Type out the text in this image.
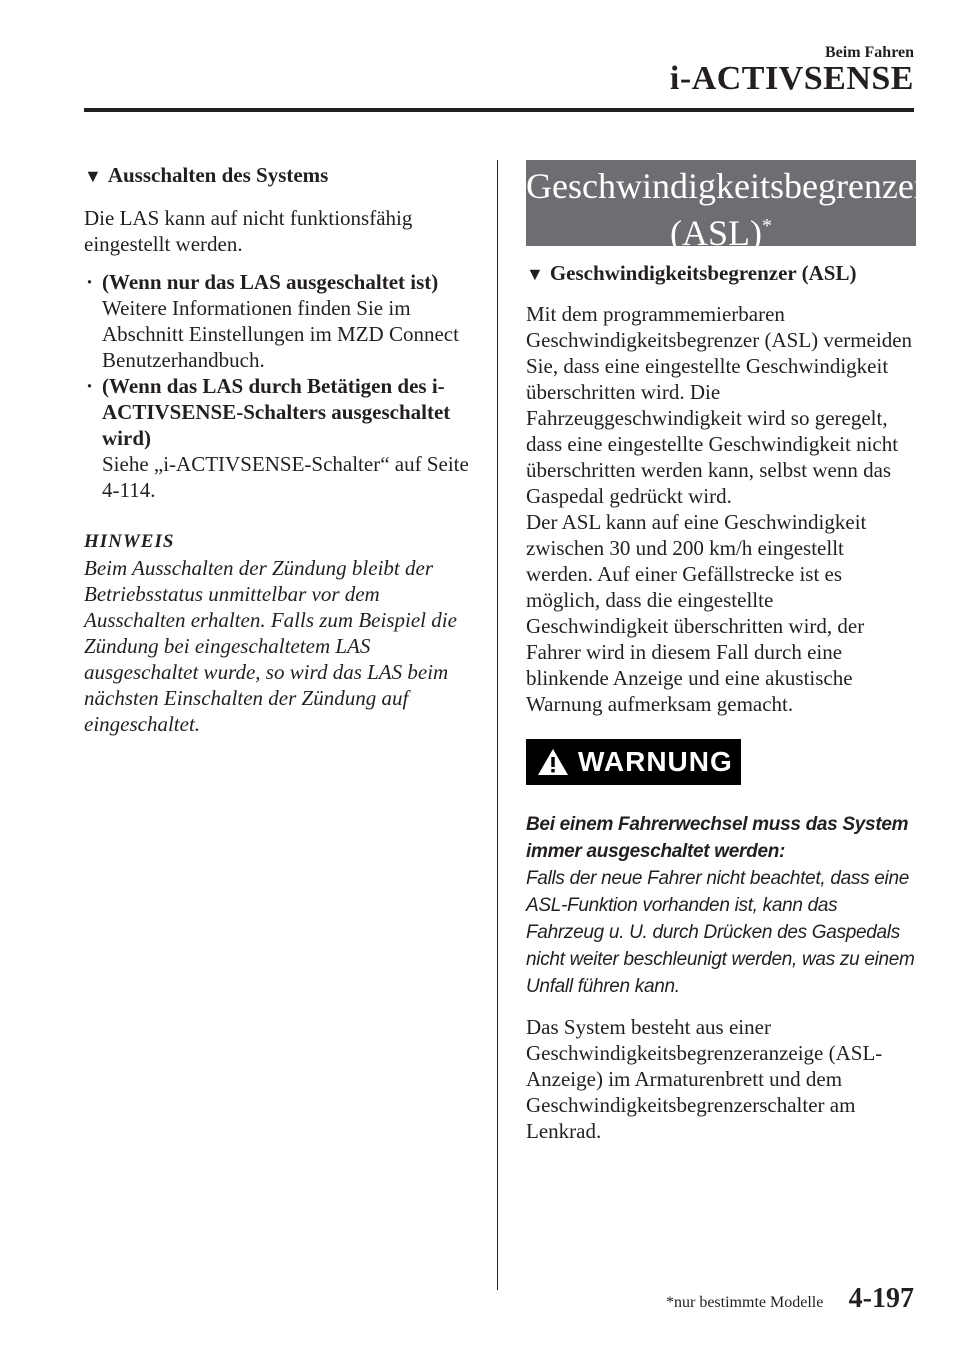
Beim Fahren
i-ACTIVSENSE
▼ Ausschalten des Systems
Die LAS kann auf nicht funktionsfähig eingestellt werden.
· (Wenn nur das LAS ausgeschaltet ist)
Weitere Informationen finden Sie im Abschnitt Einstellungen im MZD Connect Benutzerhandbuch.
· (Wenn das LAS durch Betätigen des i-ACTIVSENSE-Schalters ausgeschaltet wird)
Siehe „i-ACTIVSENSE-Schalter“ auf Seite 4-114.
HINWEIS
Beim Ausschalten der Zündung bleibt der Betriebsstatus unmittelbar vor dem Ausschalten erhalten. Falls zum Beispiel die Zündung bei eingeschaltetem LAS ausgeschaltet wurde, so wird das LAS beim nächsten Einschalten der Zündung auf eingeschaltet.
Geschwindigkeitsbegrenzer
(ASL)*
▼ Geschwindigkeitsbegrenzer (ASL)
Mit dem programmemierbaren Geschwindigkeitsbegrenzer (ASL) vermeiden Sie, dass eine eingestellte Geschwindigkeit überschritten wird. Die Fahrzeuggeschwindigkeit wird so geregelt, dass eine eingestellte Geschwindigkeit nicht überschritten werden kann, selbst wenn das Gaspedal gedrückt wird.
Der ASL kann auf eine Geschwindigkeit zwischen 30 und 200 km/h eingestellt werden. Auf einer Gefällstrecke ist es möglich, dass die eingestellte Geschwindigkeit überschritten wird, der Fahrer wird in diesem Fall durch eine blinkende Anzeige und eine akustische Warnung aufmerksam gemacht.
WARNUNG
Bei einem Fahrerwechsel muss das System immer ausgeschaltet werden:
Falls der neue Fahrer nicht beachtet, dass eine ASL-Funktion vorhanden ist, kann das Fahrzeug u. U. durch Drücken des Gaspedals nicht weiter beschleunigt werden, was zu einem Unfall führen kann.
Das System besteht aus einer Geschwindigkeitsbegrenzeranzeige (ASL-Anzeige) im Armaturenbrett und dem Geschwindigkeitsbegrenzerschalter am Lenkrad.
*nur bestimmte Modelle 4-197
